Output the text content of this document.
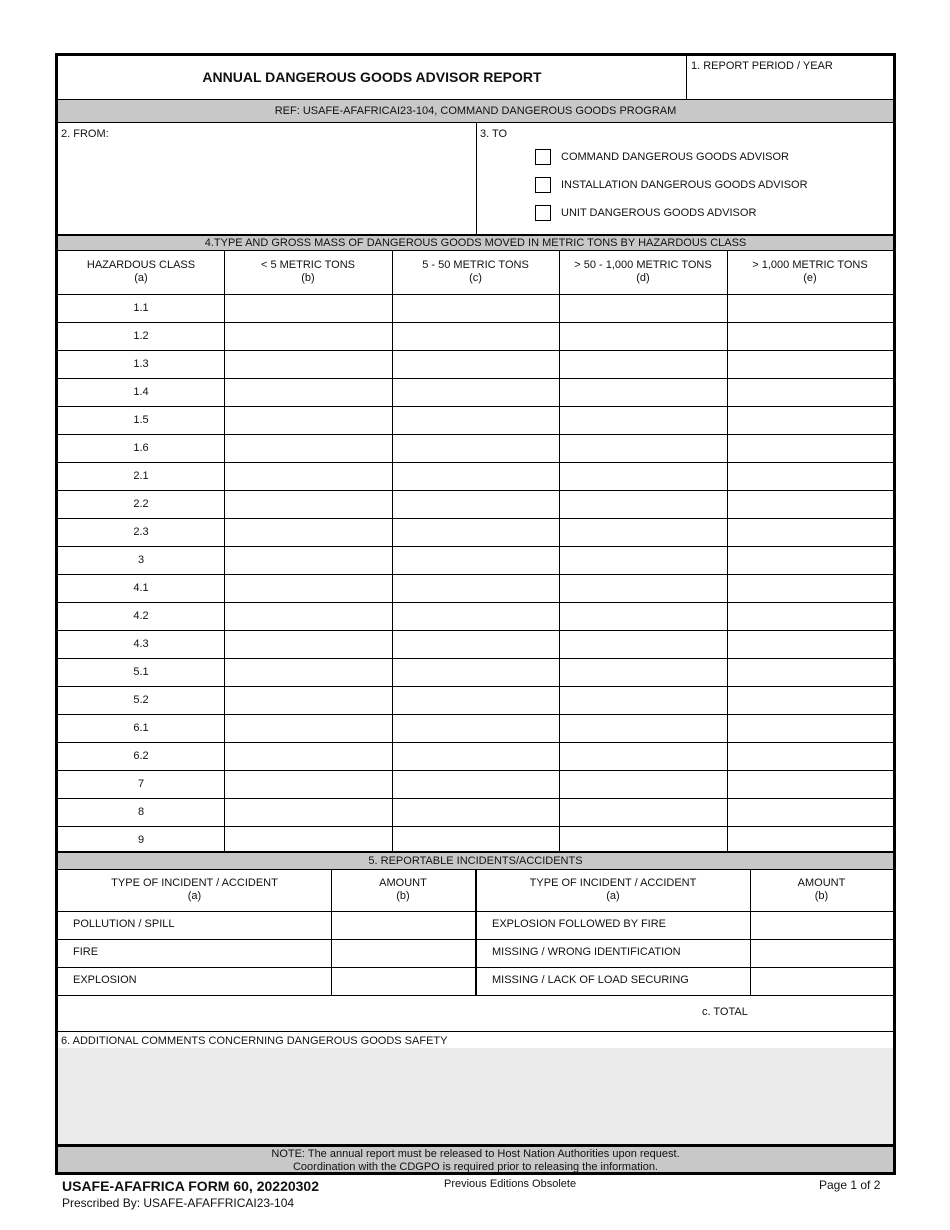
ANNUAL DANGEROUS GOODS ADVISOR REPORT
1. REPORT PERIOD / YEAR
REF: USAFE-AFAFRICAI23-104, COMMAND DANGEROUS GOODS PROGRAM
2. FROM:	3. TO
COMMAND DANGEROUS GOODS ADVISOR
INSTALLATION DANGEROUS GOODS ADVISOR
UNIT DANGEROUS GOODS ADVISOR
4.TYPE AND GROSS MASS OF DANGEROUS GOODS MOVED IN METRIC TONS BY HAZARDOUS CLASS
HAZARDOUS CLASS
(a)
< 5 METRIC TONS
(b)
5 - 50 METRIC TONS
(c)
> 50 - 1,000 METRIC TONS
(d)
> 1,000 METRIC TONS
(e)
1.1
1.2
1.3
1.4
1.5
1.6
2.1
2.2
2.3
3
4.1
4.2
4.3
5.1
5.2
6.1
6.2
7
8
9
5. REPORTABLE INCIDENTS/ACCIDENTS
TYPE OF INCIDENT / ACCIDENT
(a)
AMOUNT
(b)
TYPE OF INCIDENT / ACCIDENT
(a)
AMOUNT
(b)
POLLUTION / SPILL
FIRE
EXPLOSION
EXPLOSION FOLLOWED BY FIRE
MISSING / WRONG IDENTIFICATION
MISSING / LACK OF LOAD SECURING
c. TOTAL
6. ADDITIONAL COMMENTS CONCERNING DANGEROUS GOODS SAFETY
NOTE: The annual report must be released to Host Nation Authorities upon request.
Coordination with the CDGPO is required prior to releasing the information.
USAFE-AFAFRICA FORM 60, 20220302
Prescribed By: USAFE-AFAFFRICAI23-104
Previous Editions Obsolete	Page 1 of 2
